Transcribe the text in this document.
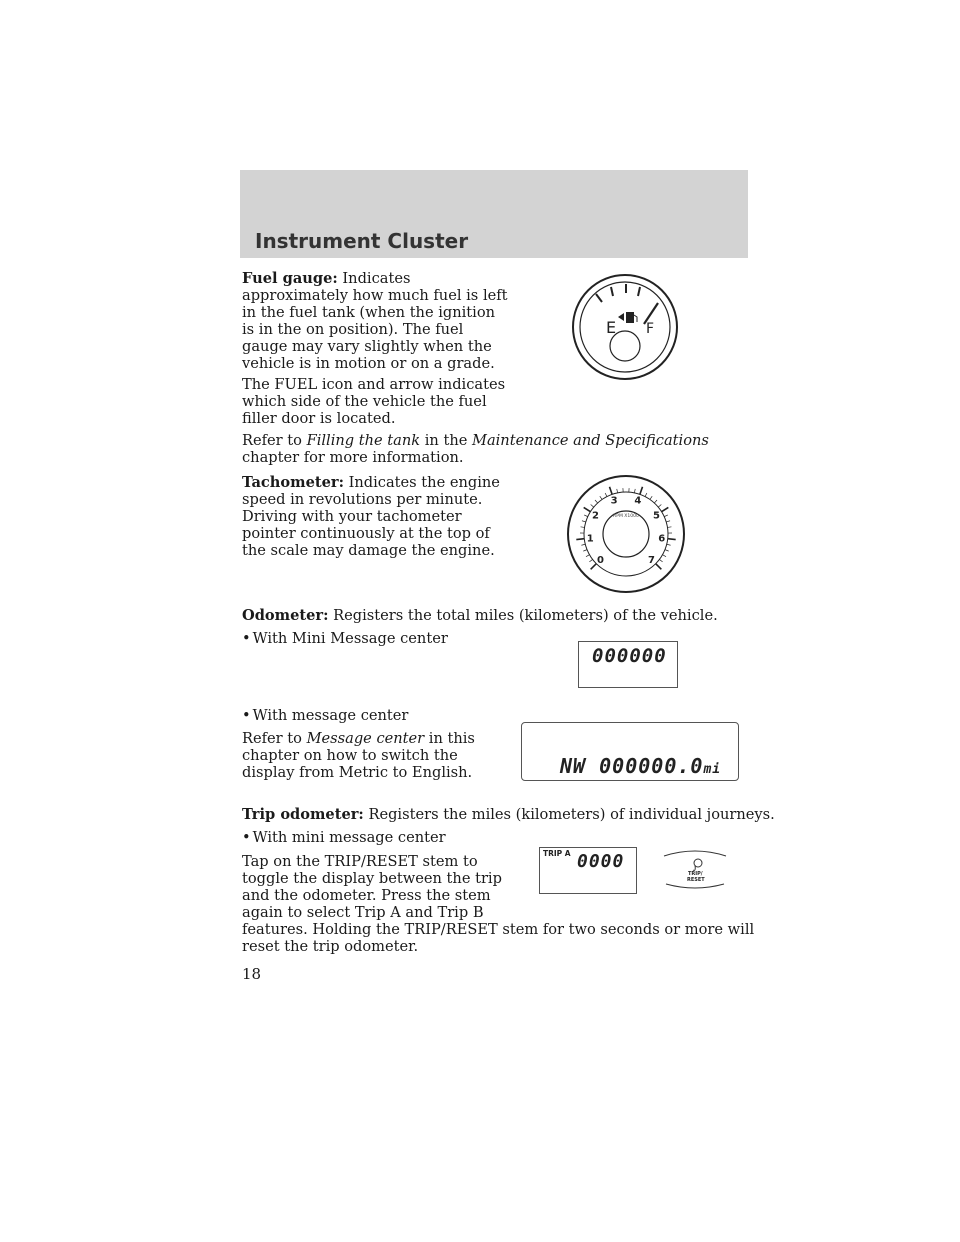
Instrument Cluster

Fuel gauge: Indicates
approximately how much fuel is left
in the fuel tank (when the ignition
is in the on position). The fuel
gauge may vary slightly when the
vehicle is in motion or on a grade.

The FUEL icon and arrow indicates
which side of the vehicle the fuel
filler door is located.

Refer to Filling the tank in the Maintenance and Specifications
chapter for more information.

E F

Tachometer: Indicates the engine
speed in revolutions per minute.
Driving with your tachometer
pointer continuously at the top of
the scale may damage the engine.

0
1
2
3 4
5
6
7
RPM X1000

Odometer: Registers the total miles (kilometers) of the vehicle.

• With Mini Message center

000000

• With message center

Refer to Message center in this
chapter on how to switch the
display from Metric to English.	NW 000000.0mi

Trip odometer: Registers the miles (kilometers) of individual journeys.

• With mini message center

Tap on the TRIP/RESET stem to
toggle the display between the trip
and the odometer. Press the stem
again to select Trip A and Trip B
features. Holding the TRIP/RESET stem for two seconds or more will
reset the trip odometer.

TRIP A 0000
TRIP/
RESET
18
